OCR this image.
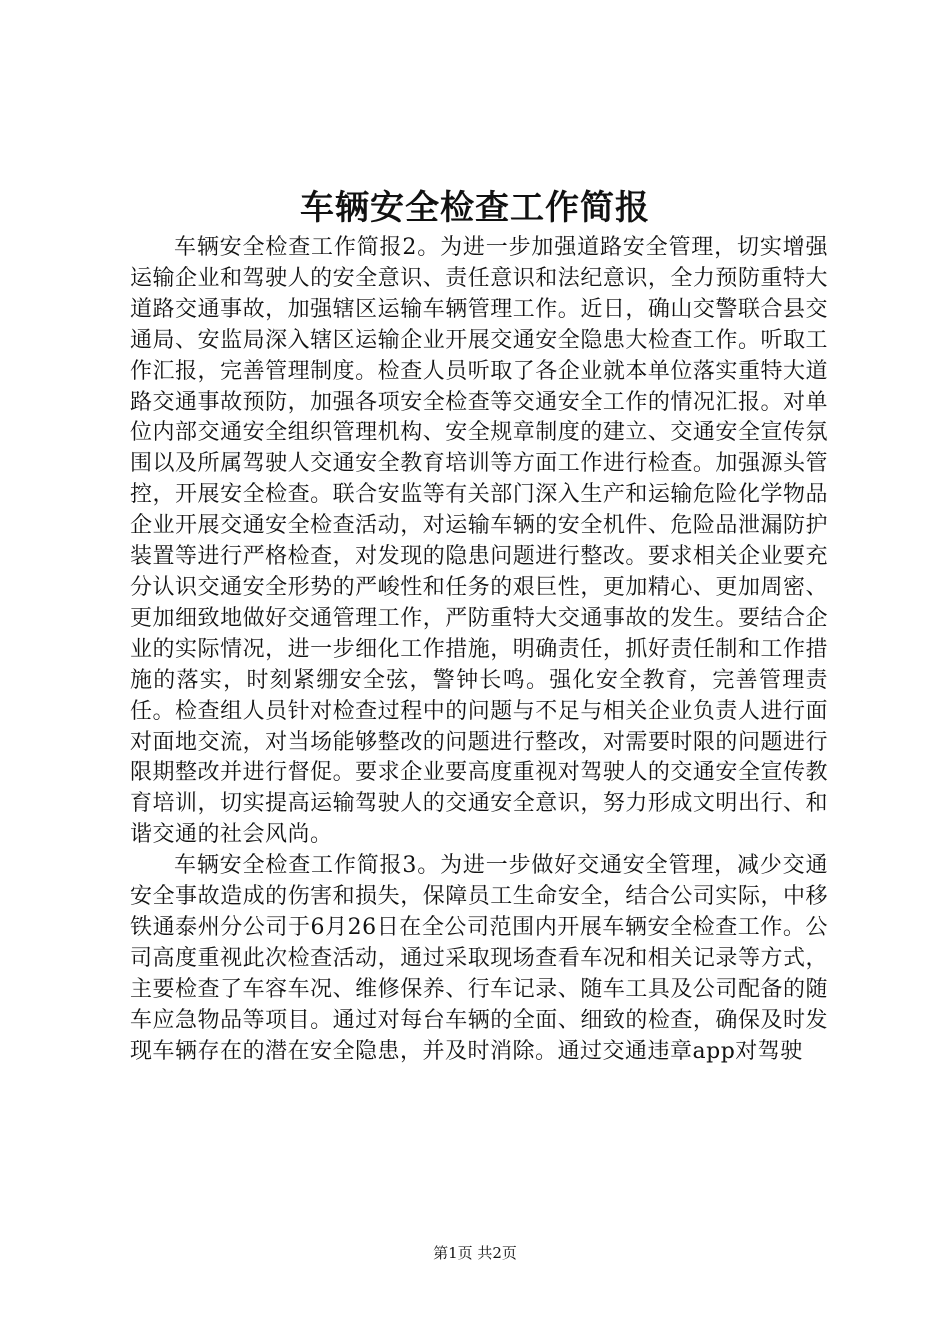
车辆安全检查工作简报

车辆安全检查工作简报2。为进一步加强道路安全管理，切实增强运输企业和驾驶人的安全意识、责任意识和法纪意识，全力预防重特大道路交通事故，加强辖区运输车辆管理工作。近日，确山交警联合县交通局、安监局深入辖区运输企业开展交通安全隐患大检查工作。听取工作汇报，完善管理制度。检查人员听取了各企业就本单位落实重特大道路交通事故预防，加强各项安全检查等交通安全工作的情况汇报。对单位内部交通安全组织管理机构、安全规章制度的建立、交通安全宣传氛围以及所属驾驶人交通安全教育培训等方面工作进行检查。加强源头管控，开展安全检查。联合安监等有关部门深入生产和运输危险化学物品企业开展交通安全检查活动，对运输车辆的安全机件、危险品泄漏防护装置等进行严格检查，对发现的隐患问题进行整改。要求相关企业要充分认识交通安全形势的严峻性和任务的艰巨性，更加精心、更加周密、更加细致地做好交通管理工作，严防重特大交通事故的发生。要结合企业的实际情况，进一步细化工作措施，明确责任，抓好责任制和工作措施的落实，时刻紧绷安全弦，警钟长鸣。强化安全教育，完善管理责任。检查组人员针对检查过程中的问题与不足与相关企业负责人进行面对面地交流，对当场能够整改的问题进行整改，对需要时限的问题进行限期整改并进行督促。要求企业要高度重视对驾驶人的交通安全宣传教育培训，切实提高运输驾驶人的交通安全意识，努力形成文明出行、和谐交通的社会风尚。

车辆安全检查工作简报3。为进一步做好交通安全管理，减少交通安全事故造成的伤害和损失，保障员工生命安全，结合公司实际，中移铁通泰州分公司于6月26日在全公司范围内开展车辆安全检查工作。公司高度重视此次检查活动，通过采取现场查看车况和相关记录等方式，主要检查了车容车况、维修保养、行车记录、随车工具及公司配备的随车应急物品等项目。通过对每台车辆的全面、细致的检查，确保及时发现车辆存在的潜在安全隐患，并及时消除。通过交通违章app对驾驶

第1页 共2页
